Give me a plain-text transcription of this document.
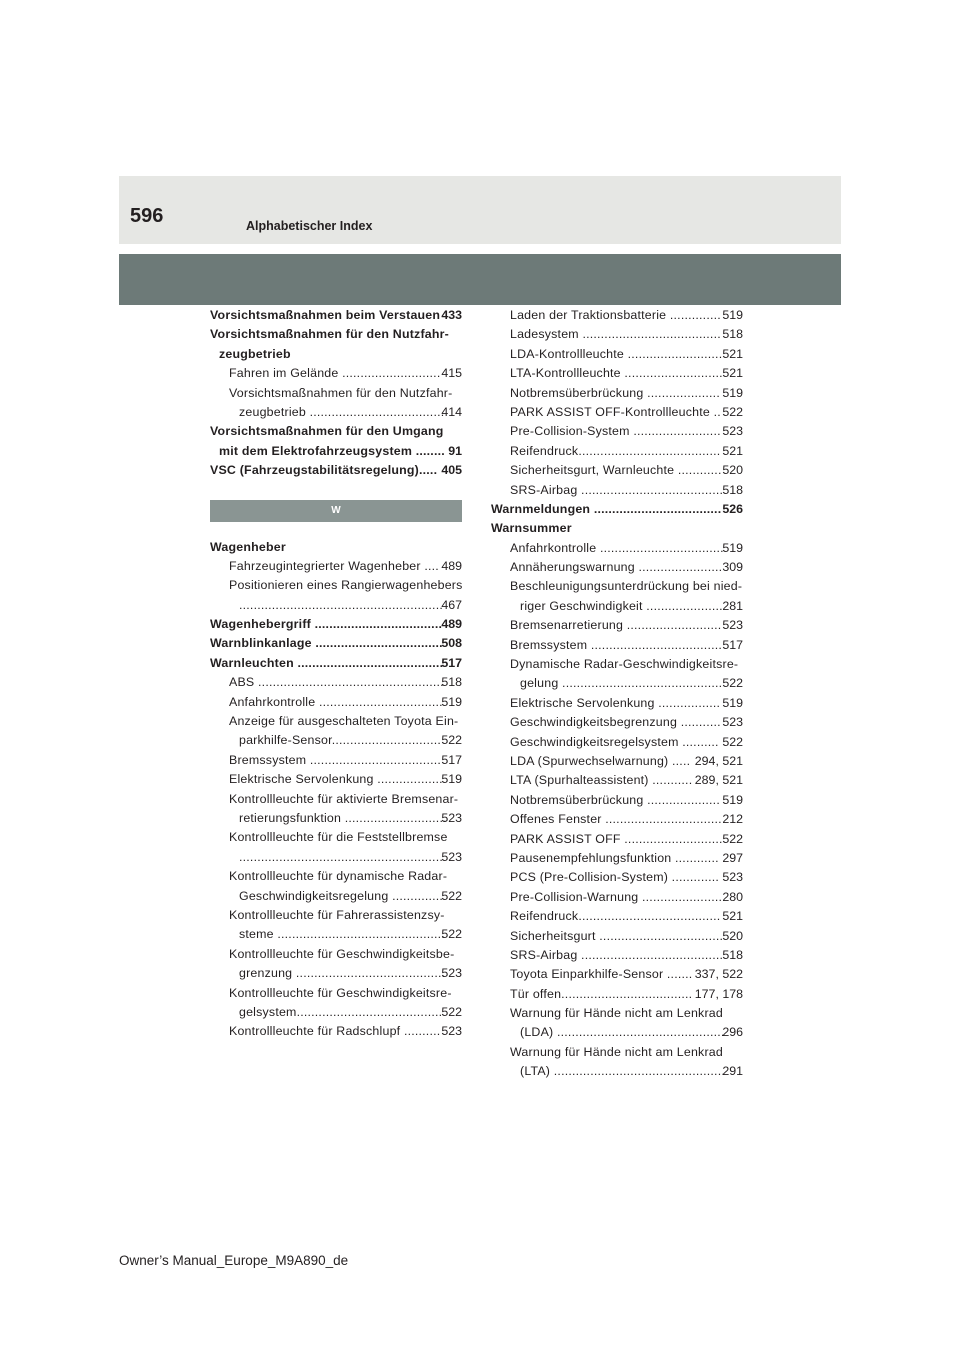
596	Alphabetischer Index
Vorsichtsmaßnahmen beim Verstauen 433
Vorsichtsmaßnahmen für den Nutzfahr-
zeugbetrieb
Fahren im Gelände ........................... 415
Vorsichtsmaßnahmen für den Nutzfahr-
zeugbetrieb .....................................
414
Vorsichtsmaßnahmen für den Umgang
mit dem Elektrofahrzeugsystem ........ 91
VSC (Fahrzeugstabilitätsregelung)..... 405
W
Wagenheber
Fahrzeugintegrierter Wagenheber .... 489
Positionieren eines Rangierwagenhebers
........................................................
467
Wagenhebergriff ................................... 489
Warnblinkanlage ...................................
508
Warnleuchten ........................................
517
ABS ...................................................
518
Anfahrkontrolle ..................................
519
Anzeige für ausgeschalteten Toyota Ein-
parkhilfe-Sensor.............................. 522
Bremssystem .................................... 517
Elektrische Servolenkung ..................
519
Kontrollleuchte für aktivierte Bremsenar-
retierungsfunktion ............................
523
Kontrollleuchte für die Feststellbremse
........................................................
523
Kontrollleuchte für dynamische Radar-
Geschwindigkeitsregelung ..............
522
Kontrollleuchte für Fahrerassistenzsy-
steme ..............................................
522
Kontrollleuchte für Geschwindigkeitsbe-
grenzung .........................................
523
Kontrollleuchte für Geschwindigkeitsre-
gelsystem........................................ 522
Kontrollleuchte für Radschlupf .......... 523
Laden der Traktionsbatterie .............. 519
Ladesystem ...................................... 518
LDA-Kontrollleuchte .......................... 521
LTA-Kontrollleuchte ........................... 521
Notbremsüberbrückung .................... 519
PARK ASSIST OFF-Kontrollleuchte .. 522
Pre-Collision-System ........................ 523
Reifendruck....................................... 521
Sicherheitsgurt, Warnleuchte ............ 520
SRS-Airbag ....................................... 518
Warnmeldungen ................................... 526
Warnsummer
Anfahrkontrolle ..................................
519
Annäherungswarnung ....................... 309
Beschleunigungsunterdrückung bei nied-
riger Geschwindigkeit ..................... 281
Bremsenarretierung .......................... 523
Bremssystem .................................... 517
Dynamische Radar-Geschwindigkeitsre-
gelung ............................................ 522
Elektrische Servolenkung ................. 519
Geschwindigkeitsbegrenzung ........... 523
Geschwindigkeitsregelsystem .......... 522
LDA (Spurwechselwarnung) ..... 294, 521
LTA (Spurhalteassistent) ........... 289, 521
Notbremsüberbrückung .................... 519
Offenes Fenster ................................ 212
PARK ASSIST OFF ........................... 522
Pausenempfehlungsfunktion ............ 297
PCS (Pre-Collision-System) ............. 523
Pre-Collision-Warnung ...................... 280
Reifendruck....................................... 521
Sicherheitsgurt .................................. 520
SRS-Airbag ....................................... 518
Toyota Einparkhilfe-Sensor ....... 337, 522
Tür offen.................................... 177, 178
Warnung für Hände nicht am Lenkrad
(LDA) ..............................................
296
Warnung für Hände nicht am Lenkrad
(LTA) ...............................................
291
Owner’s Manual_Europe_M9A890_de
